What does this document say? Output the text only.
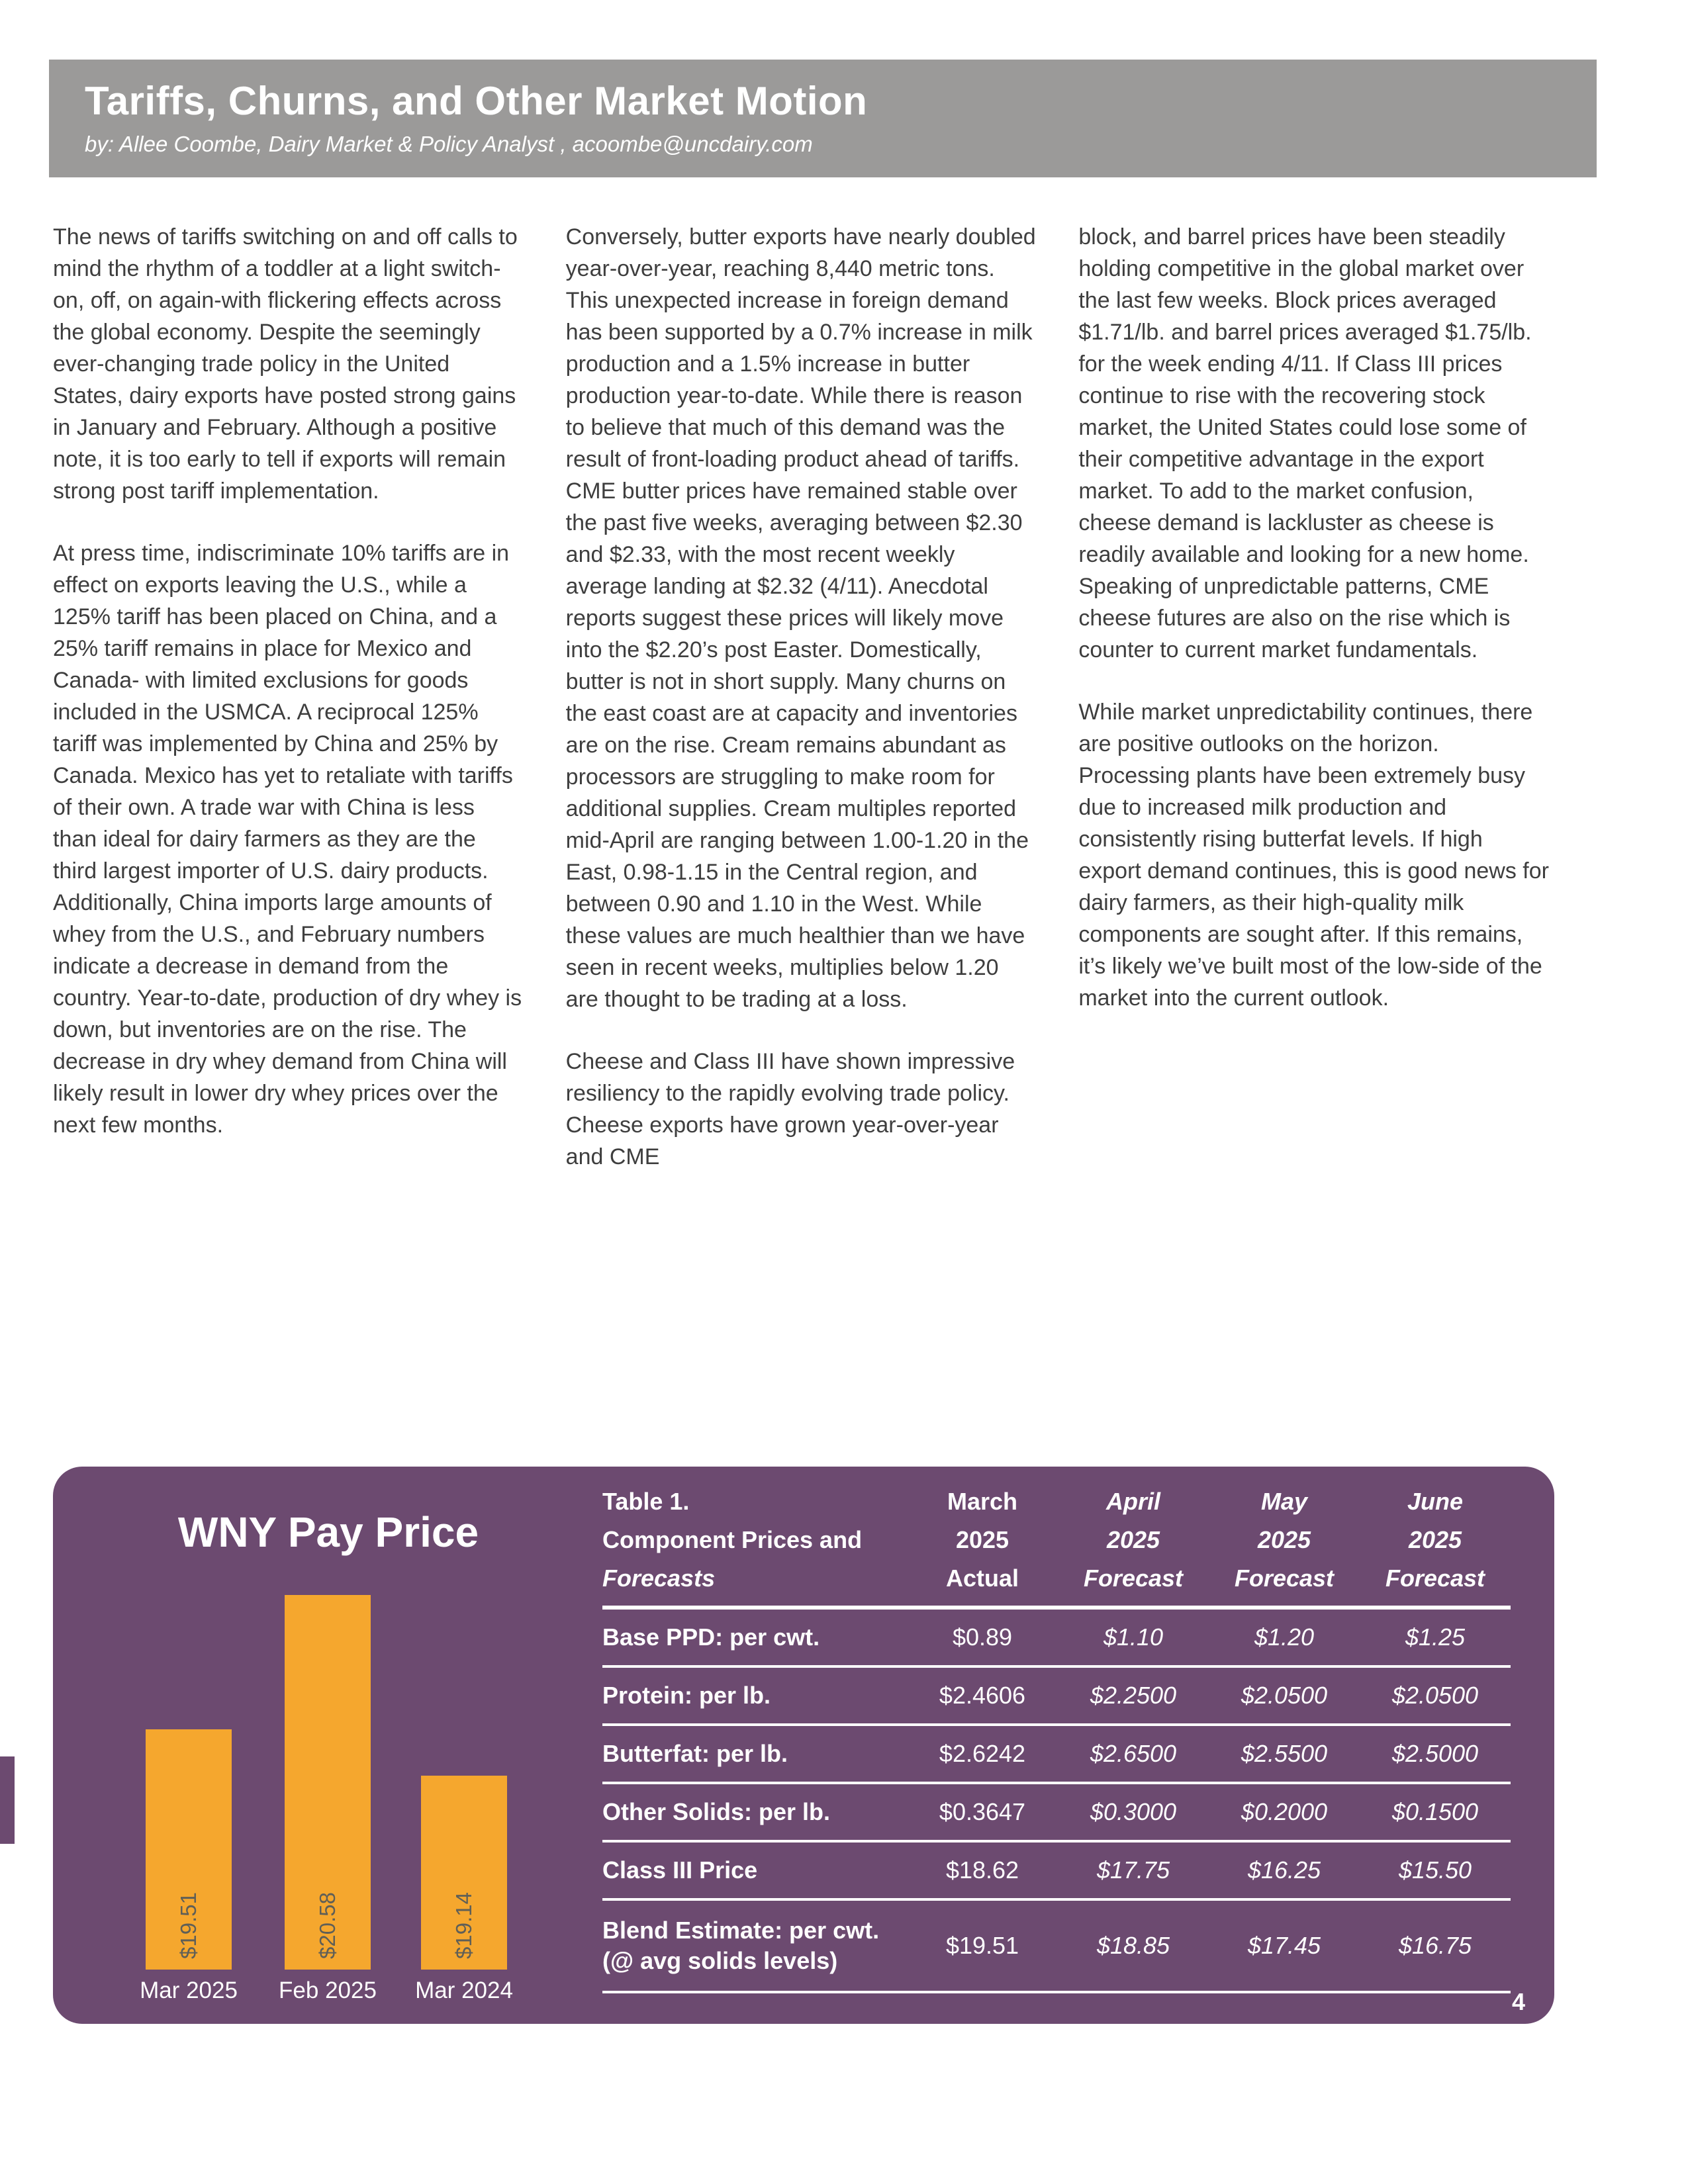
Tariffs, Churns, and Other Market Motion

by: Allee Coombe, Dairy Market & Policy Analyst , acoombe@uncdairy.com

The news of tariffs switching on and off calls to mind the rhythm of a toddler at a light switch-on, off, on again-with flickering effects across the global economy. Despite the seemingly ever-changing trade policy in the United States, dairy exports have posted strong gains in January and February. Although a positive note, it is too early to tell if exports will remain strong post tariff implementation.

At press time, indiscriminate 10% tariffs are in effect on exports leaving the U.S., while a 125% tariff has been placed on China, and a 25% tariff remains in place for Mexico and Canada- with limited exclusions for goods included in the USMCA. A reciprocal 125% tariff was implemented by China and 25% by Canada. Mexico has yet to retaliate with tariffs of their own. A trade war with China is less than ideal for dairy farmers as they are the third largest importer of U.S. dairy products. Additionally, China imports large amounts of whey from the U.S., and February numbers indicate a decrease in demand from the country. Year-to-date, production of dry whey is down, but inventories are on the rise. The decrease in dry whey demand from China will likely result in lower dry whey prices over the next few months.

Conversely, butter exports have nearly doubled year-over-year, reaching 8,440 metric tons. This unexpected increase in foreign demand has been supported by a 0.7% increase in milk production and a 1.5% increase in butter production year-to-date. While there is reason to believe that much of this demand was the result of front-loading product ahead of tariffs. CME butter prices have remained stable over the past five weeks, averaging between $2.30 and $2.33, with the most recent weekly average landing at $2.32 (4/11). Anecdotal reports suggest these prices will likely move into the $2.20’s post Easter. Domestically, butter is not in short supply. Many churns on the east coast are at capacity and inventories are on the rise. Cream remains abundant as processors are struggling to make room for additional supplies. Cream multiples reported mid-April are ranging between 1.00-1.20 in the East, 0.98-1.15 in the Central region, and between 0.90 and 1.10 in the West. While these values are much healthier than we have seen in recent weeks, multiplies below 1.20 are thought to be trading at a loss.

Cheese and Class III have shown impressive resiliency to the rapidly evolving trade policy. Cheese exports have grown year-over-year and CME

block, and barrel prices have been steadily holding competitive in the global market over the last few weeks. Block prices averaged $1.71/lb. and barrel prices averaged $1.75/lb. for the week ending 4/11. If Class III prices continue to rise with the recovering stock market, the United States could lose some of their competitive advantage in the export market. To add to the market confusion, cheese demand is lackluster as cheese is readily available and looking for a new home. Speaking of unpredictable patterns, CME cheese futures are also on the rise which is counter to current market fundamentals.

While market unpredictability continues, there are positive outlooks on the horizon. Processing plants have been extremely busy due to increased milk production and consistently rising butterfat levels. If high export demand continues, this is good news for dairy farmers, as their high-quality milk components are sought after. If this remains, it’s likely we’ve built most of the low-side of the market into the current outlook.

WNY Pay Price
$19.51	$20.58	$19.14
Mar 2025	Feb 2025	Mar 2024
Table 1.
Component Prices and
Forecasts
March
2025
Actual
April
2025
Forecast
May
2025
Forecast
June
2025
Forecast
Base PPD: per cwt.	$0.89	$1.10	$1.20	$1.25
Protein: per lb.	$2.4606	$2.2500	$2.0500	$2.0500
Butterfat: per lb.	$2.6242	$2.6500	$2.5500	$2.5000
Other Solids: per lb.	$0.3647	$0.3000	$0.2000	$0.1500
Class III Price	$18.62	$17.75	$16.25	$15.50
Blend Estimate: per cwt. (@ avg solids levels)
$19.51	$18.85	$17.45	$16.75
4
